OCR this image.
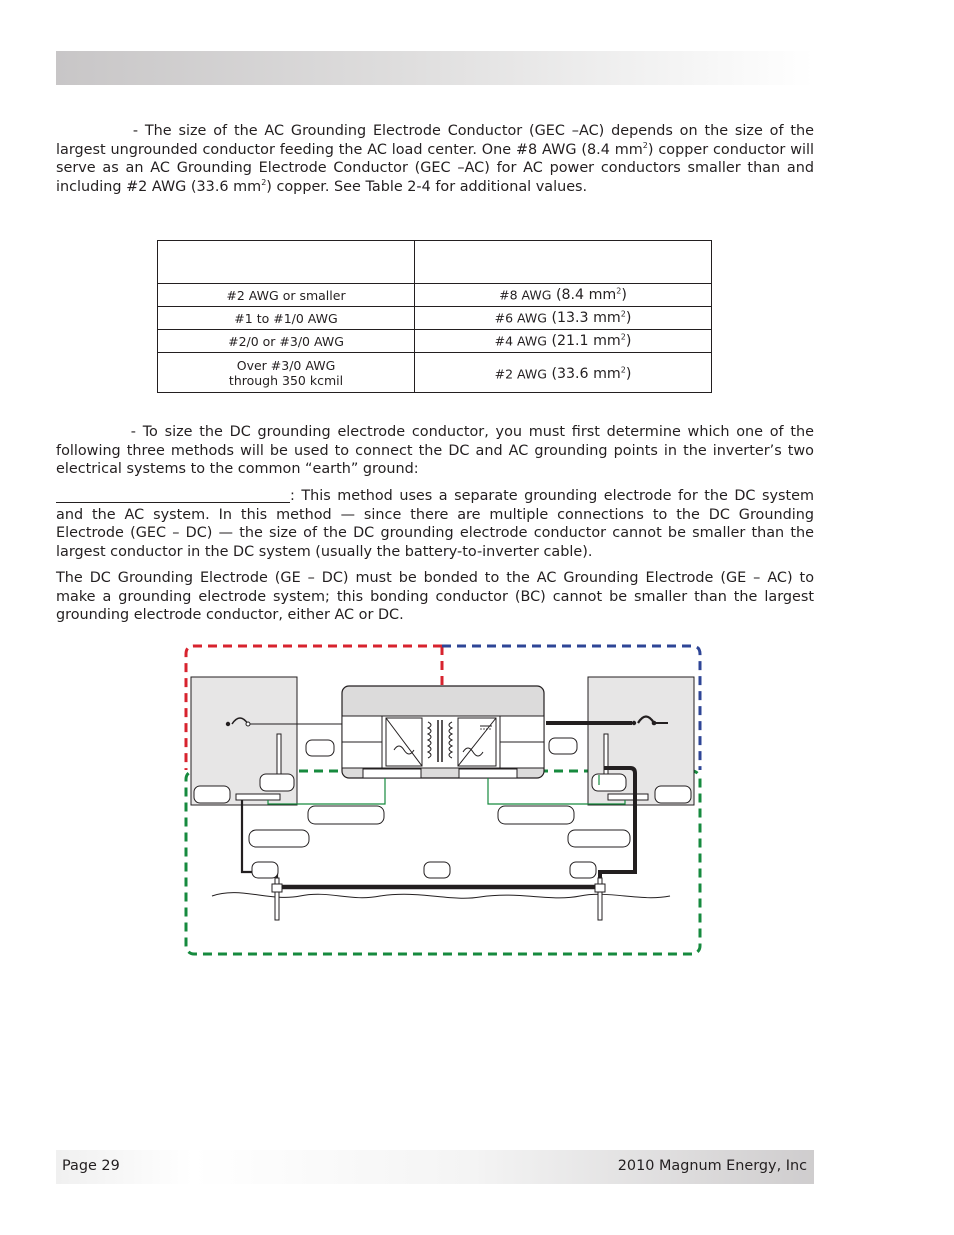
- The size of the AC Grounding Electrode Conductor (GEC –AC) depends on the size of the largest ungrounded conductor feeding the AC load center. One #8 AWG (8.4 $mm^2$) copper conductor will serve as an AC Grounding Electrode Conductor (GEC –AC) for AC power conductors smaller than and including #2 AWG (33.6 $mm^2$) copper. See Table 2-4 for additional values.

#2 AWG or smaller	#8 AWG (8.4 $mm^2$)
#1 to #1/0 AWG	#6 AWG (13.3 $mm^2$)
#2/0 or #3/0 AWG	#4 AWG (21.1 $mm^2$)
Over #3/0 AWG
through 350 kcmil	#2 AWG (33.6 $mm^2$)

- To size the DC grounding electrode conductor, you must first determine which one of the following three methods will be used to connect the DC and AC grounding points in the inverter’s two electrical systems to the common “earth” ground:

: This method uses a separate grounding electrode for the DC system and the AC system. In this method — since there are multiple connections to the DC Grounding Electrode (GEC – DC) — the size of the DC grounding electrode conductor cannot be smaller than the largest conductor in the DC system (usually the battery-to-inverter cable).

The DC Grounding Electrode (GE – DC) must be bonded to the AC Grounding Electrode (GE – AC) to make a grounding electrode system; this bonding conductor (BC) cannot be smaller than the largest grounding electrode conductor, either AC or DC.

Page 29	2010 Magnum Energy, Inc
